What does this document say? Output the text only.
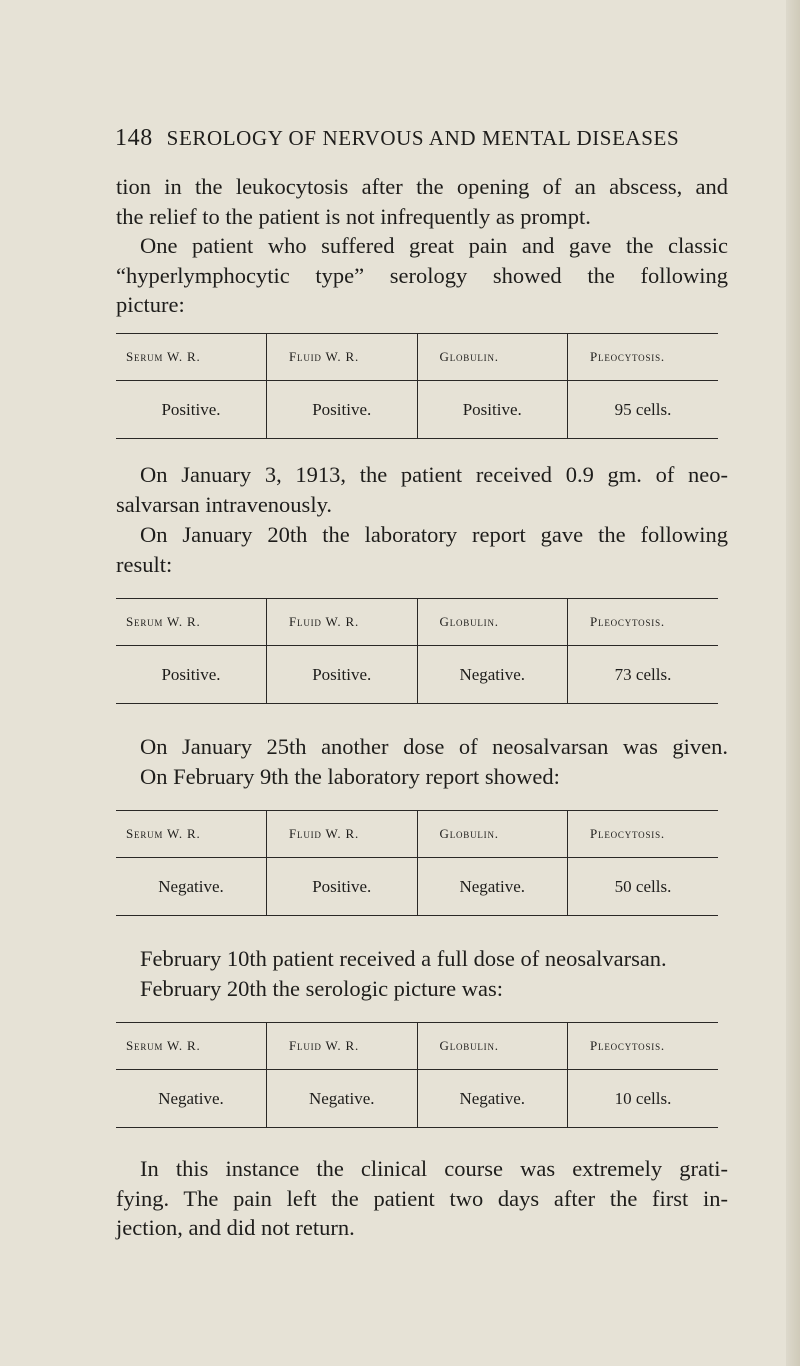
148 SEROLOGY OF NERVOUS AND MENTAL DISEASES
tion in the leukocytosis after the opening of an abscess, and
the relief to the patient is not infrequently as prompt.
One patient who suffered great pain and gave the classic
“hyperlymphocytic type” serology showed the following
picture:
Serum W. R.	Fluid W. R.	Globulin.	Pleocytosis.
Positive.	Positive.	Positive.	95 cells.
On January 3, 1913, the patient received 0.9 gm. of neo-
salvarsan intravenously.
On January 20th the laboratory report gave the following
result:
Serum W. R.	Fluid W. R.	Globulin.	Pleocytosis.
Positive.	Positive.	Negative.	73 cells.
On January 25th another dose of neosalvarsan was given.
On February 9th the laboratory report showed:
Serum W. R.	Fluid W. R.	Globulin.	Pleocytosis.
Negative.	Positive.	Negative.	50 cells.
February 10th patient received a full dose of neosalvarsan.
February 20th the serologic picture was:
Serum W. R.	Fluid W. R.	Globulin.	Pleocytosis.
Negative.	Negative.	Negative.	10 cells.
In this instance the clinical course was extremely grati-
fying. The pain left the patient two days after the first in-
jection, and did not return.
